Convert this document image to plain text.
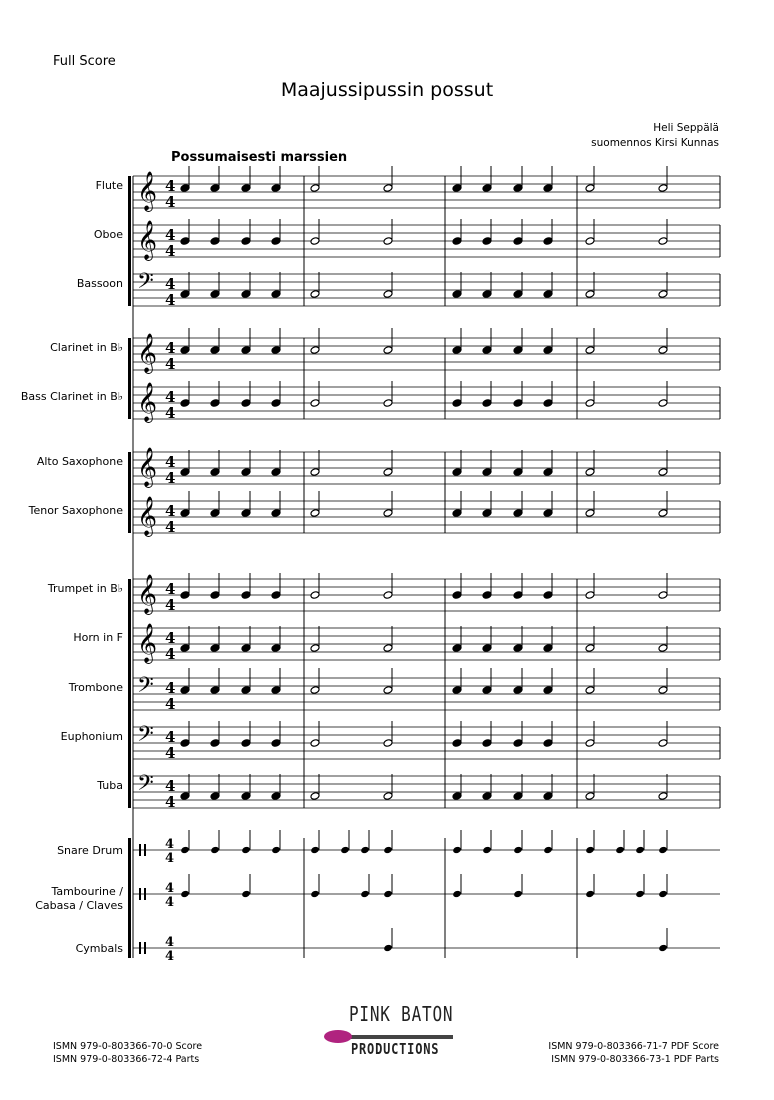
Full Score
Maajussipussin possut
Heli Seppälä
suomennos Kirsi Kunnas
Possumaisesti marssien
Flute
Oboe
Bassoon
Clarinet in B♭
Bass Clarinet in B♭
Alto Saxophone
Tenor Saxophone
Trumpet in B♭
Horn in F
Trombone
Euphonium
Tuba
Snare Drum
Tambourine /
Cabasa / Claves
Cymbals
𝄞 4
4
𝄞 4
4
𝄢 4
4
𝄞 4
4
𝄞 4
4
𝄞 4
4
𝄞 4
4
𝄞 4
4
𝄞 4
4
𝄢 4
4
𝄢 4
4
𝄢 4
4
4
4
4
4
4
4
ISMN 979-0-803366-70-0 Score
ISMN 979-0-803366-72-4 Parts
ISMN 979-0-803366-71-7 PDF Score
ISMN 979-0-803366-73-1 PDF Parts
PINK BATON
PRODUCTIONS
